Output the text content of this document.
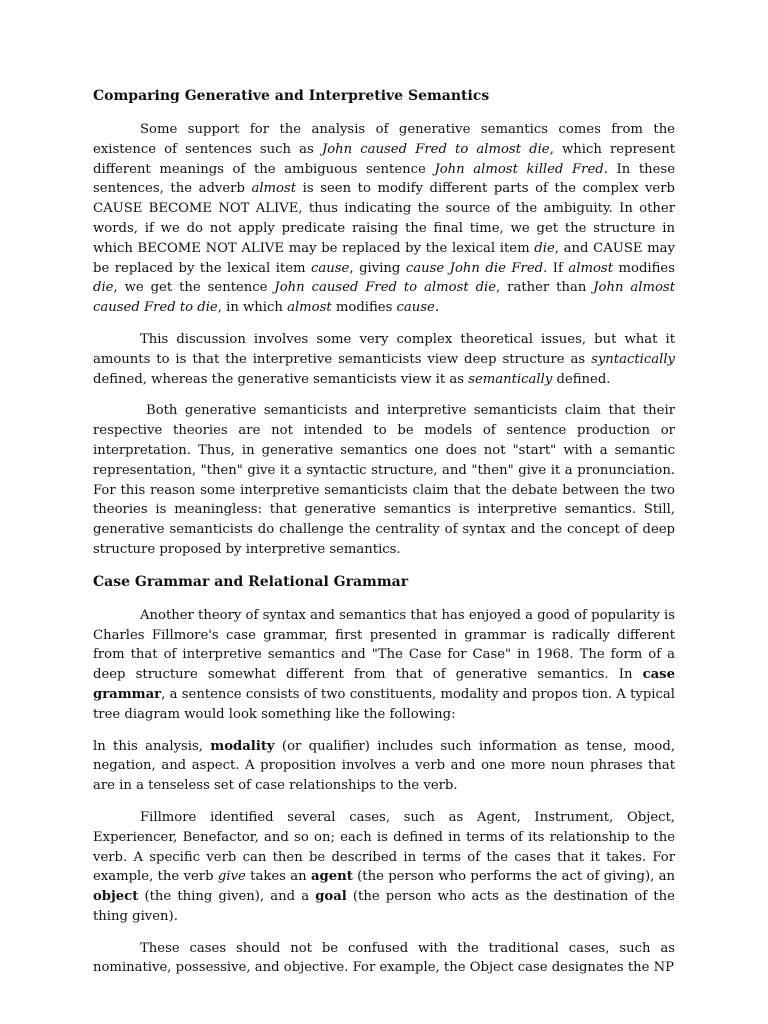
Comparing Generative and Interpretive Semantics

Some support for the analysis of generative semantics comes from the existence of sentences such as John caused Fred to almost die, which represent different meanings of the ambiguous sentence John almost killed Fred. In these sentences, the adverb almost is seen to modify different parts of the complex verb CAUSE BECOME NOT ALIVE, thus indicating the source of the ambiguity. In other words, if we do not apply predicate raising the final time, we get the structure in which BECOME NOT ALIVE may be replaced by the lexical item die, and CAUSE may be replaced by the lexical item cause, giving cause John die Fred. If almost modifies die, we get the sentence John caused Fred to almost die, rather than John almost caused Fred to die, in which almost modifies cause.

This discussion involves some very complex theoretical issues, but what it amounts to is that the interpretive semanticists view deep structure as syntactically defined, whereas the generative semanticists view it as semantically defined.

Both generative semanticists and interpretive semanticists claim that their respective theories are not intended to be models of sentence production or interpretation. Thus, in generative semantics one does not "start" with a semantic representation, "then" give it a syntactic structure, and "then" give it a pronunciation. For this reason some interpretive semanticists claim that the debate between the two theories is meaningless: that generative semantics is interpretive semantics. Still, generative semanticists do challenge the centrality of syntax and the concept of deep structure proposed by interpretive semantics.

Case Grammar and Relational Grammar

Another theory of syntax and semantics that has enjoyed a good of popularity is Charles Fillmore's case grammar, first presented in grammar is radically different from that of interpretive semantics and "The Case for Case" in 1968. The form of a deep structure somewhat different from that of generative semantics. In case grammar, a sentence consists of two constituents, modality and propos tion. A typical tree diagram would look something like the following:

ln this analysis, modality (or qualifier) includes such information as tense, mood, negation, and aspect. A proposition involves a verb and one more noun phrases that are in a tenseless set of case relationships to the verb.

Fillmore identified several cases, such as Agent, Instrument, Object, Experiencer, Benefactor, and so on; each is defined in terms of its relationship to the verb. A specific verb can then be described in terms of the cases that it takes. For example, the verb give takes an agent (the person who performs the act of giving), an object (the thing given), and a goal (the person who acts as the destination of the thing given).

These cases should not be confused with the traditional cases, such as nominative, possessive, and objective. For example, the Object case designates the NP
